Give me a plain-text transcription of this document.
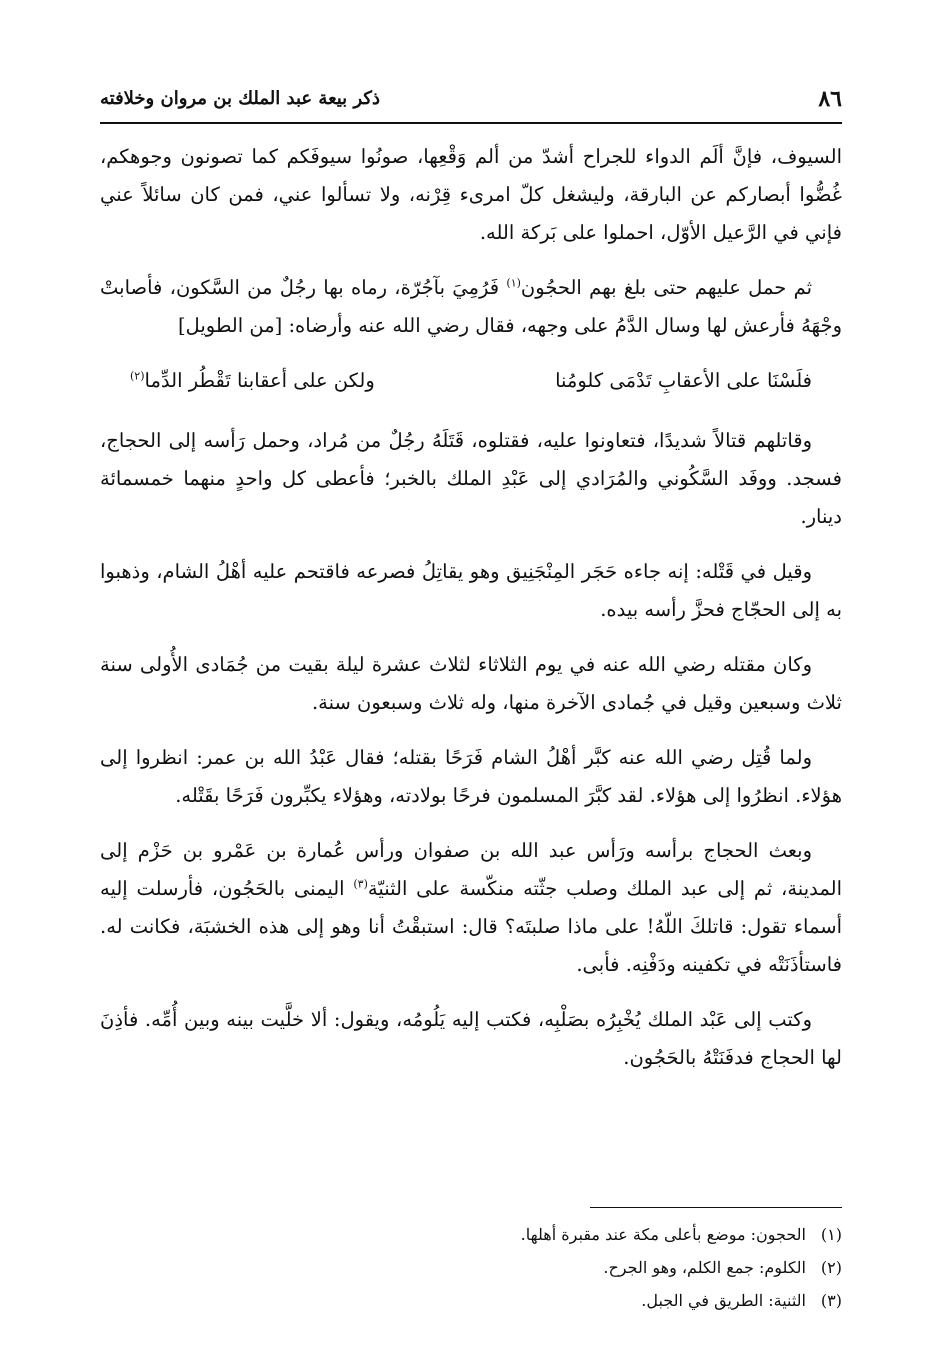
٨٦
ذكر بيعة عبد الملك بن مروان وخلافته

السيوف، فإنَّ ألَم الدواء للجراح أشدّ من ألم وَقْعِها، صونُوا سيوفَكم كما تصونون وجوهكم، غُضُّوا أبصاركم عن البارقة، وليشغل كلّ امرىء قِرْنه، ولا تسألوا عني، فمن كان سائلاً عني فإني في الرَّعيل الأوّل، احملوا على بَركة الله.

ثم حمل عليهم حتى بلغ بهم الحجُون$^{(١)}$ فَرُمِيَ بآجُرّة، رماه بها رجُلٌ من السَّكون، فأصابتْ وجْهَهُ فأرعش لها وسال الدَّمُ على وجهه، فقال رضي الله عنه وأرضاه: [من الطويل]

فلَسْنَا على الأعقابِ تَدْمَى كلومُنا
ولكن على أعقابنا تَقْطُر الدِّما$^{(٢)}$

وقاتلهم قتالاً شديدًا، فتعاونوا عليه، فقتلوه، قَتَلَهُ رجُلٌ من مُراد، وحمل رَأسه إلى الحجاج، فسجد. ووفَد السَّكُوني والمُرَادي إلى عَبْدِ الملك بالخبر؛ فأعطى كل واحدٍ منهما خمسمائة دينار.

وقيل في قَتْله: إنه جاءه حَجَر المِنْجَنِيق وهو يقاتِلُ فصرعه فاقتحم عليه أهْلُ الشام، وذهبوا به إلى الحجّاج فحزَّ رأسه بيده.

وكان مقتله رضي الله عنه في يوم الثلاثاء لثلاث عشرة ليلة بقيت من جُمَادى الأُولى سنة ثلاث وسبعين وقيل في جُمادى الآخرة منها، وله ثلاث وسبعون سنة.

ولما قُتِل رضي الله عنه كبَّر أهْلُ الشام فَرَحًا بقتله؛ فقال عَبْدُ الله بن عمر: انظروا إلى هؤلاء. انظرُوا إلى هؤلاء. لقد كبَّرَ المسلمون فرحًا بولادته، وهؤلاء يكبِّرون فَرَحًا بقَتْله.

وبعث الحجاج برأسه ورَأس عبد الله بن صفوان ورأس عُمارة بن عَمْرو بن حَزْم إلى المدينة، ثم إلى عبد الملك وصلب جثّته منكّسة على الثنيّة$^{(٣)}$ اليمنى بالحَجُون، فأرسلت إليه أسماء تقول: قاتلكَ اللّهُ! على ماذا صلبتَه؟ قال: استبقْتُ أنا وهو إلى هذه الخشبَة، فكانت له. فاستأذَنَتْه في تكفينه ودَفْنِه. فأبى.

وكتب إلى عَبْد الملك يُخْبِرُه بصَلْبِه، فكتب إليه يَلُومُه، ويقول: ألا خلَّيت بينه وبين أُمِّه. فأذِنَ لها الحجاج فدفَنَتْهُ بالحَجُون.

(١)الحجون: موضع بأعلى مكة عند مقبرة أهلها.
(٢)الكلوم: جمع الكلم، وهو الجرح.
(٣)الثنية: الطريق في الجبل.
